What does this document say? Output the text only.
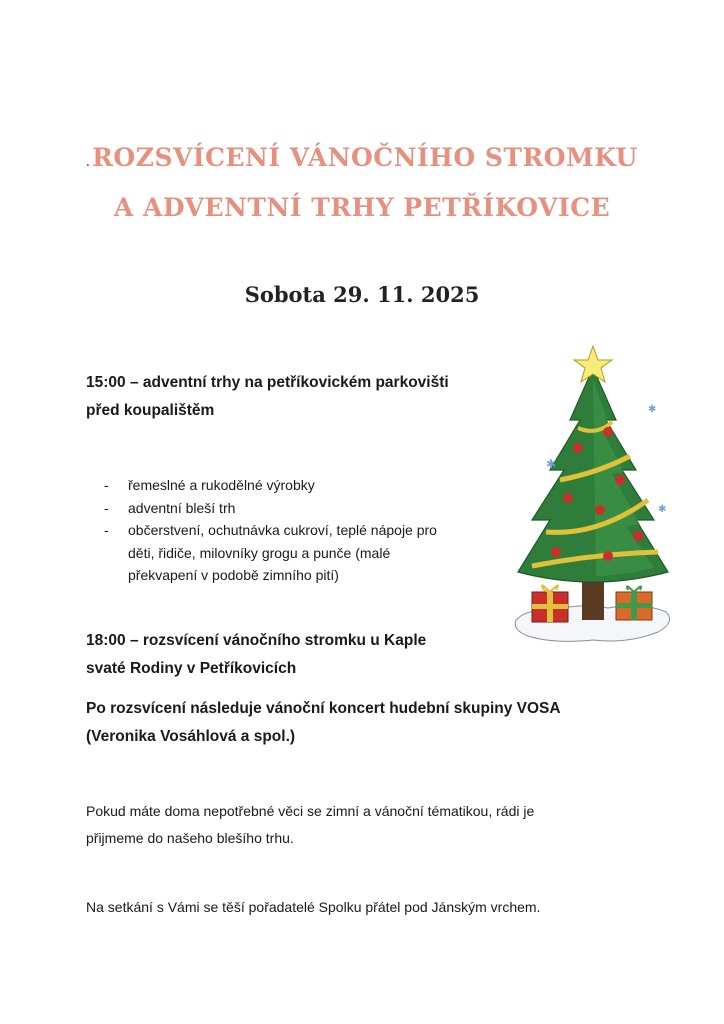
.ROZSVÍCENÍ VÁNOČNÍHO STROMKU
A ADVENTNÍ TRHY PETŘÍKOVICE
Sobota 29. 11. 2025
15:00 – adventní trhy na petříkovickém parkovišti
před koupalištěm
-	řemeslné a rukodělné výrobky
-	adventní bleší trh
-	občerstvení, ochutnávka cukroví, teplé nápoje pro
děti, řidiče, milovníky grogu a punče (malé
překvapení v podobě zimního pití)
18:00 – rozsvícení vánočního stromku u Kaple
svaté Rodiny v Petříkovicích
Po rozsvícení následuje vánoční koncert hudební skupiny VOSA
(Veronika Vosáhlová a spol.)
Pokud máte doma nepotřebné věci se zimní a vánoční tématikou, rádi je
přijmeme do našeho blešího trhu.
Na setkání s Vámi se těší pořadatelé Spolku přátel pod Jánským vrchem.
✱
✱
✱
